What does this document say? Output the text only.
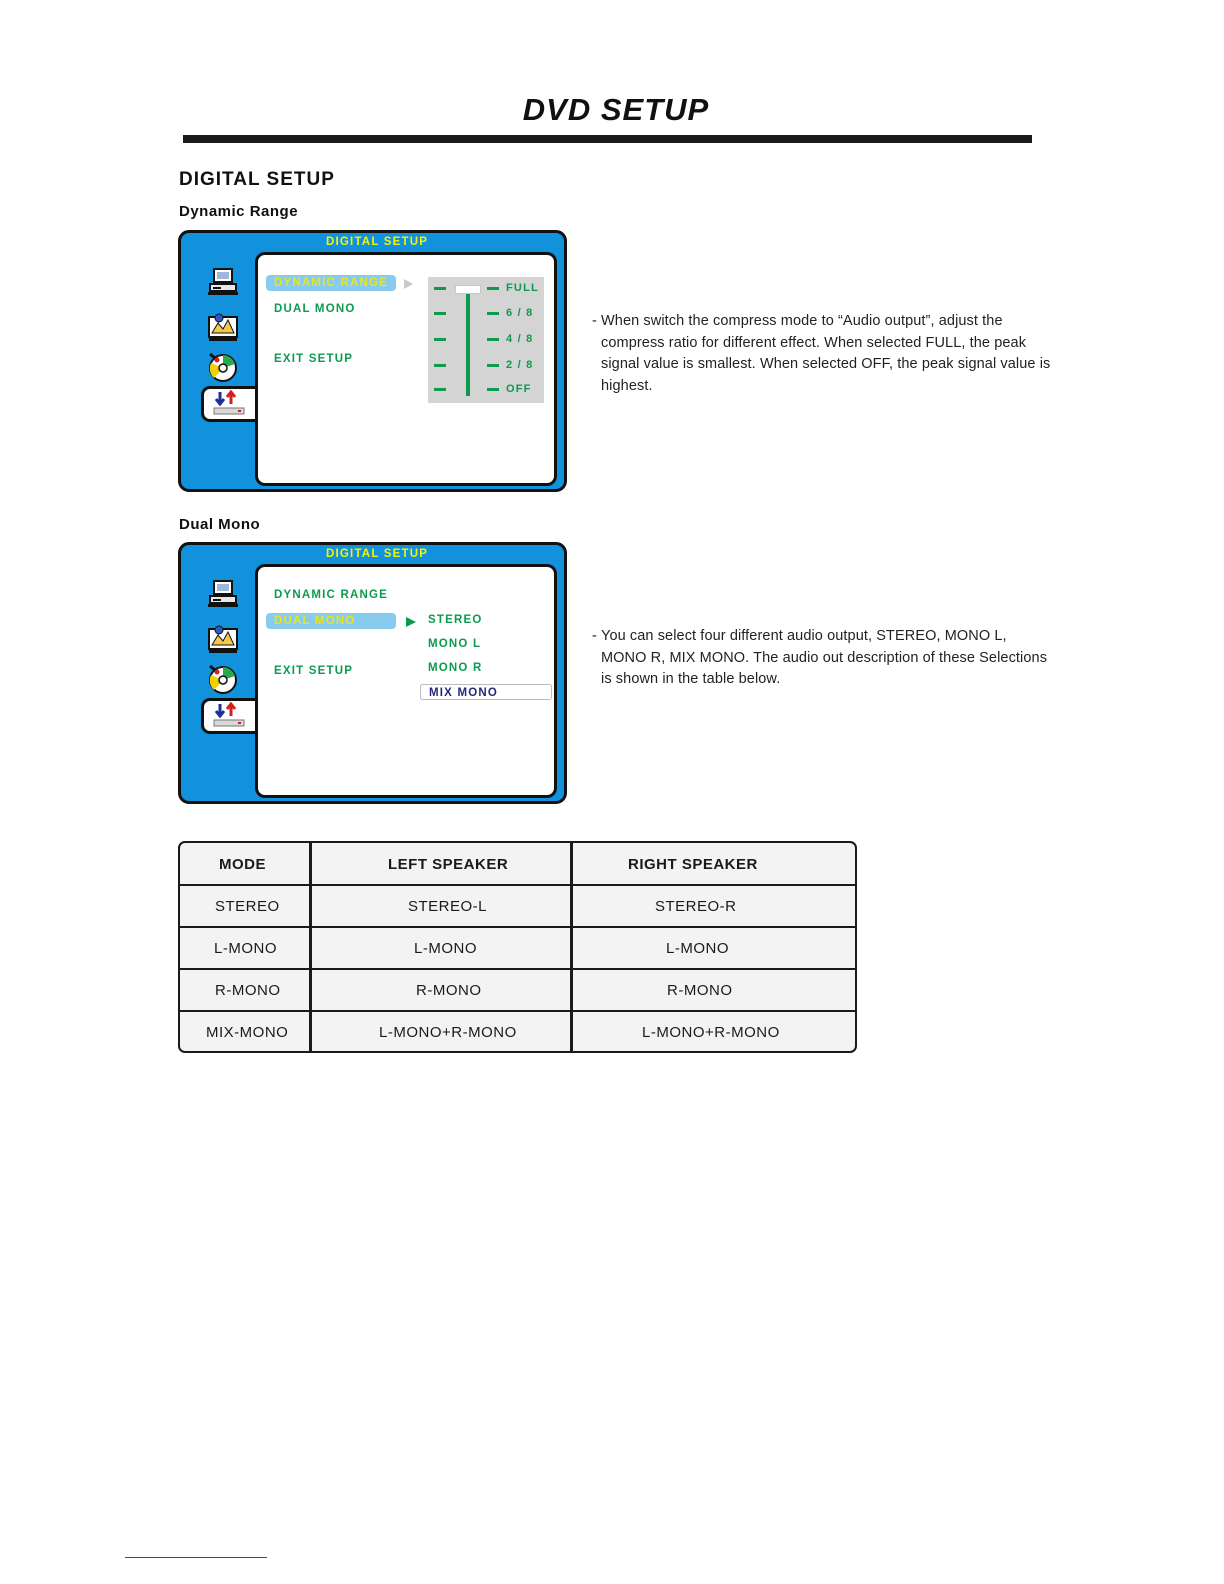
DVD SETUP
DIGITAL SETUP
Dynamic Range
DIGITAL SETUP
DYNAMIC RANGE
DUAL MONO
EXIT SETUP
FULL
6 / 8
4 / 8
2 / 8
OFF
- When switch the compress mode to “Audio output”, adjust the compress ratio for different effect. When selected FULL, the peak signal value is smallest. When selected OFF, the peak signal value is highest.
Dual Mono
DIGITAL SETUP
DYNAMIC RANGE
DUAL MONO
EXIT SETUP
STEREO
MONO L
MONO R
MIX MONO
- You can select four different audio output, STEREO, MONO L, MONO R, MIX MONO. The audio out description of these Selections is shown in the table below.
MODE	LEFT SPEAKER	RIGHT SPEAKER
STEREO	STEREO-L	STEREO-R
L-MONO	L-MONO	L-MONO
R-MONO	R-MONO	R-MONO
MIX-MONO	L-MONO+R-MONO	L-MONO+R-MONO
